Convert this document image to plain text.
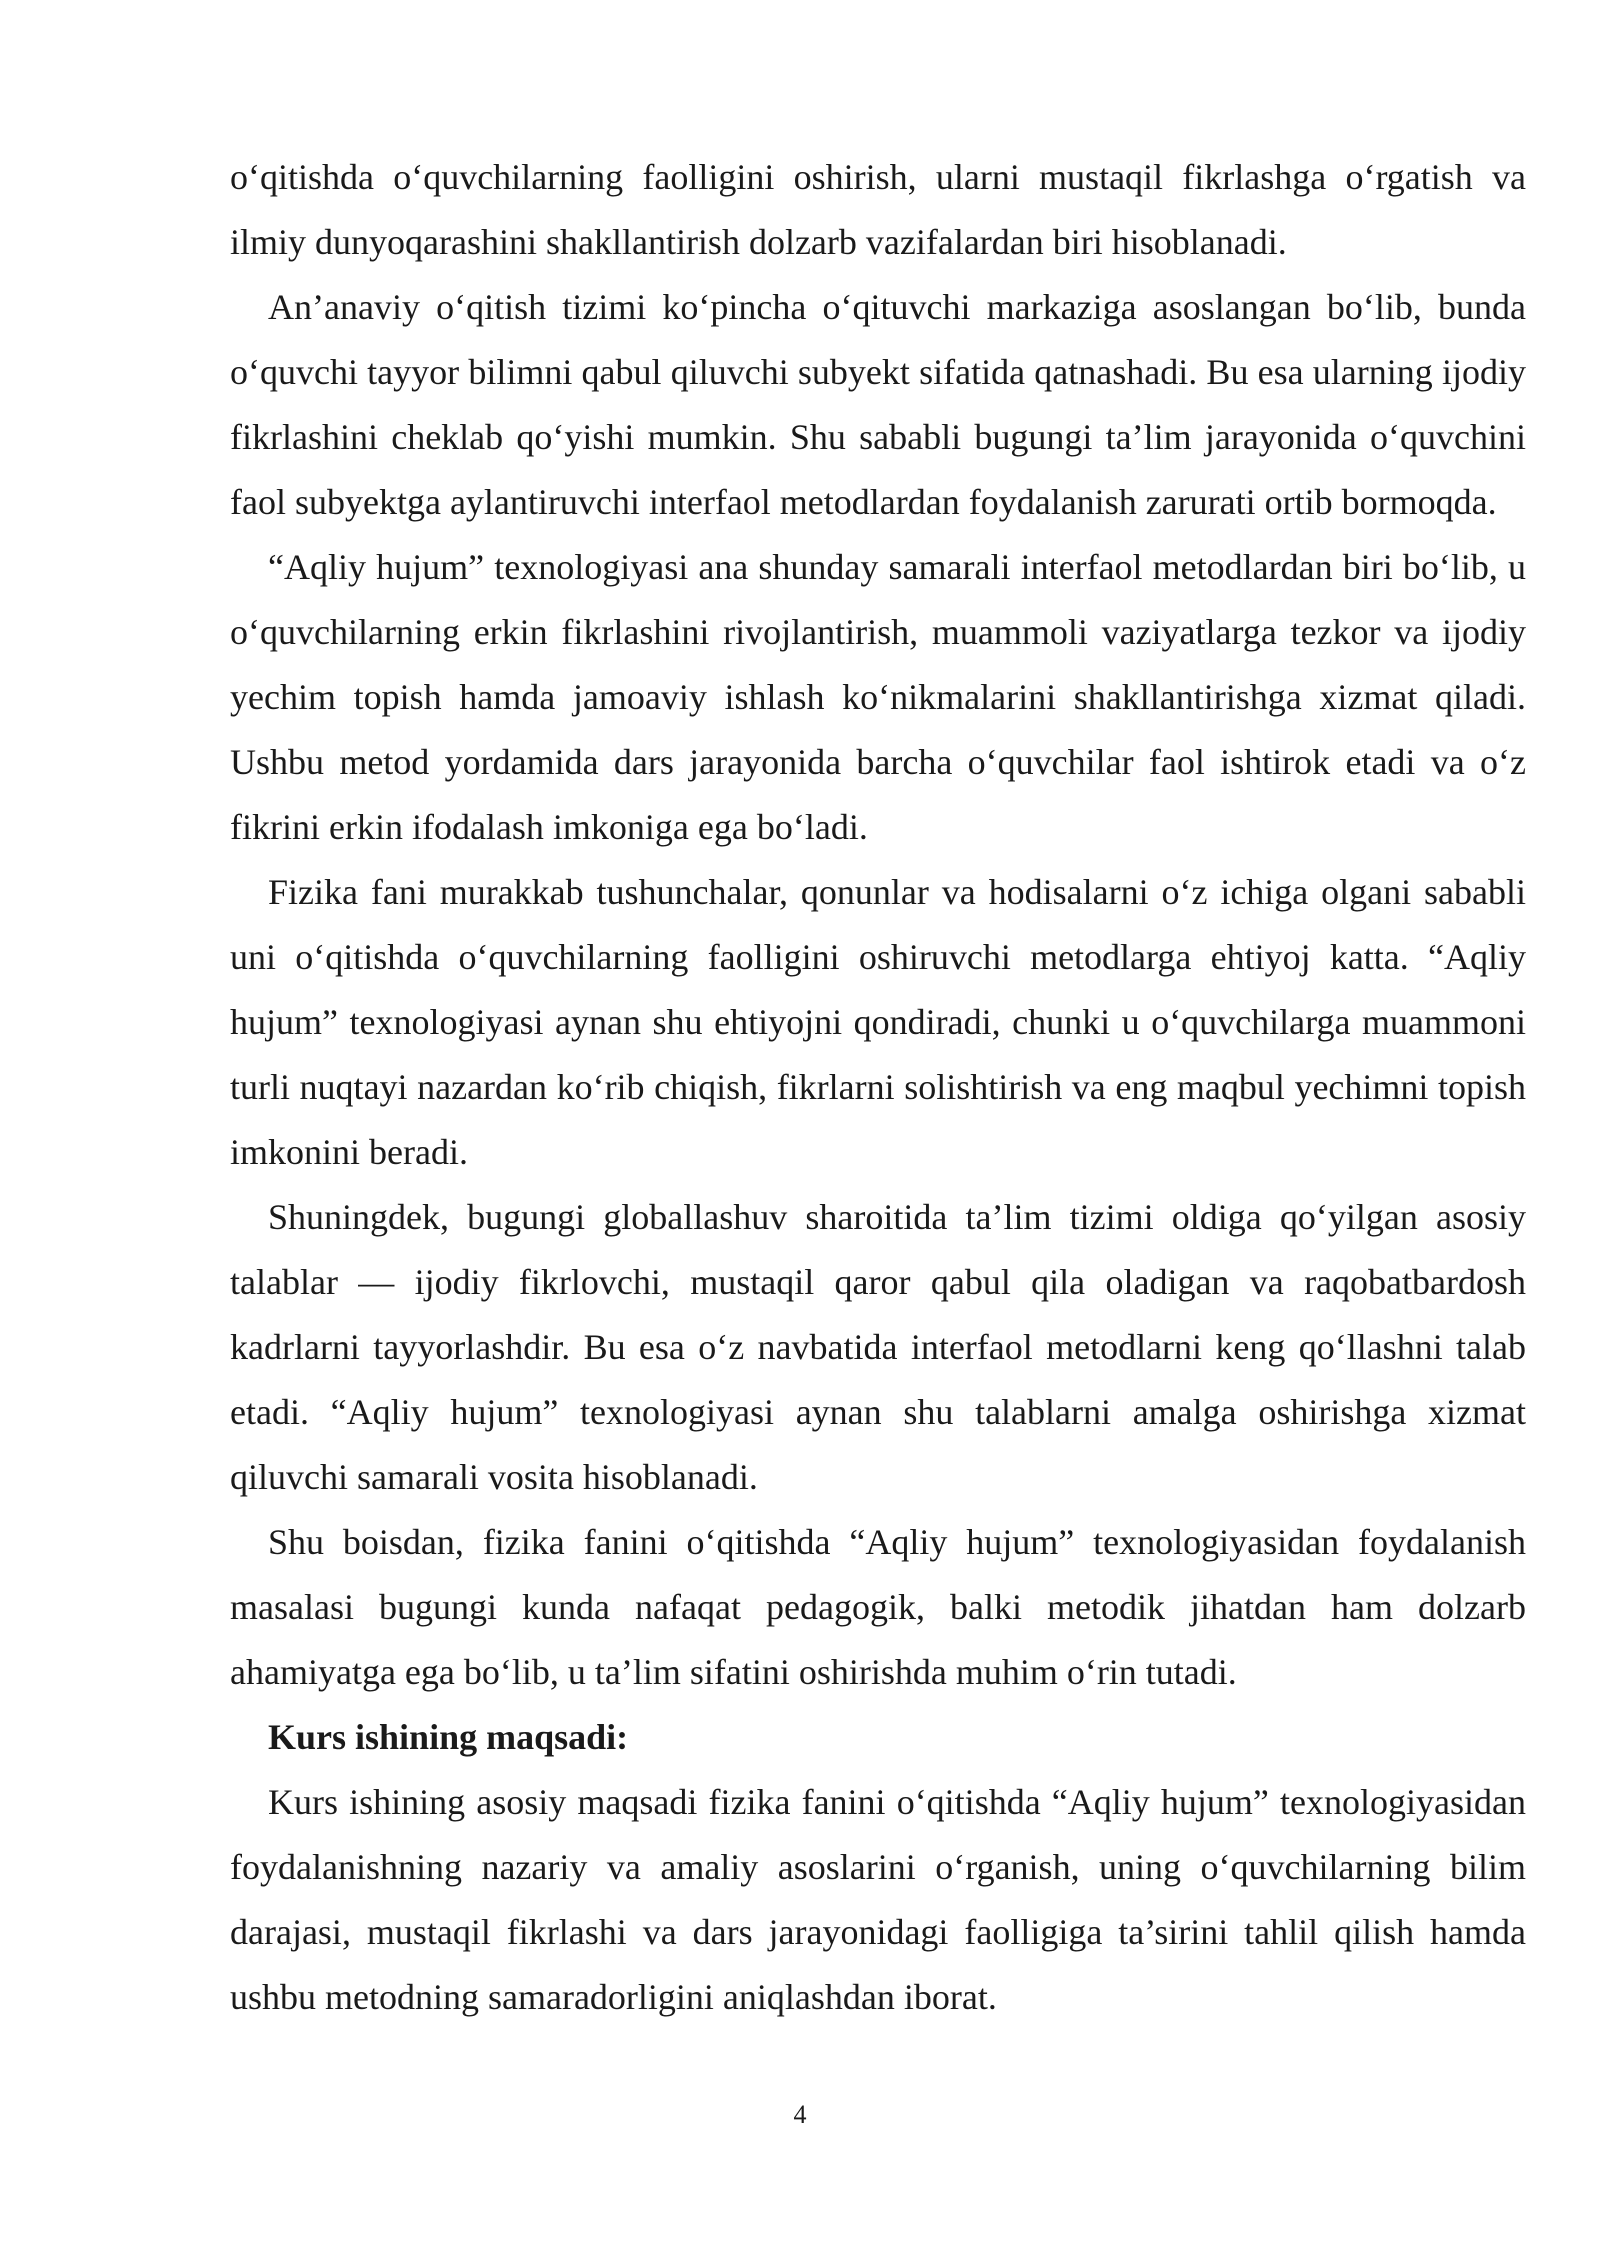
o‘qitishda o‘quvchilarning faolligini oshirish, ularni mustaqil fikrlashga o‘rgatish va ilmiy dunyoqarashini shakllantirish dolzarb vazifalardan biri hisoblanadi.

An’anaviy o‘qitish tizimi ko‘pincha o‘qituvchi markaziga asoslangan bo‘lib, bunda o‘quvchi tayyor bilimni qabul qiluvchi subyekt sifatida qatnashadi. Bu esa ularning ijodiy fikrlashini cheklab qo‘yishi mumkin. Shu sababli bugungi ta’lim jarayonida o‘quvchini faol subyektga aylantiruvchi interfaol metodlardan foydalanish zarurati ortib bormoqda.

“Aqliy hujum” texnologiyasi ana shunday samarali interfaol metodlardan biri bo‘lib, u o‘quvchilarning erkin fikrlashini rivojlantirish, muammoli vaziyatlarga tezkor va ijodiy yechim topish hamda jamoaviy ishlash ko‘nikmalarini shakllantirishga xizmat qiladi. Ushbu metod yordamida dars jarayonida barcha o‘quvchilar faol ishtirok etadi va o‘z fikrini erkin ifodalash imkoniga ega bo‘ladi.

Fizika fani murakkab tushunchalar, qonunlar va hodisalarni o‘z ichiga olgani sababli uni o‘qitishda o‘quvchilarning faolligini oshiruvchi metodlarga ehtiyoj katta. “Aqliy hujum” texnologiyasi aynan shu ehtiyojni qondiradi, chunki u o‘quvchilarga muammoni turli nuqtayi nazardan ko‘rib chiqish, fikrlarni solishtirish va eng maqbul yechimni topish imkonini beradi.

Shuningdek, bugungi globallashuv sharoitida ta’lim tizimi oldiga qo‘yilgan asosiy talablar — ijodiy fikrlovchi, mustaqil qaror qabul qila oladigan va raqobatbardosh kadrlarni tayyorlashdir. Bu esa o‘z navbatida interfaol metodlarni keng qo‘llashni talab etadi. “Aqliy hujum” texnologiyasi aynan shu talablarni amalga oshirishga xizmat qiluvchi samarali vosita hisoblanadi.

Shu boisdan, fizika fanini o‘qitishda “Aqliy hujum” texnologiyasidan foydalanish masalasi bugungi kunda nafaqat pedagogik, balki metodik jihatdan ham dolzarb ahamiyatga ega bo‘lib, u ta’lim sifatini oshirishda muhim o‘rin tutadi.

Kurs ishining maqsadi:

Kurs ishining asosiy maqsadi fizika fanini o‘qitishda “Aqliy hujum” texnologiyasidan foydalanishning nazariy va amaliy asoslarini o‘rganish, uning o‘quvchilarning bilim darajasi, mustaqil fikrlashi va dars jarayonidagi faolligiga ta’sirini tahlil qilish hamda ushbu metodning samaradorligini aniqlashdan iborat.

4
